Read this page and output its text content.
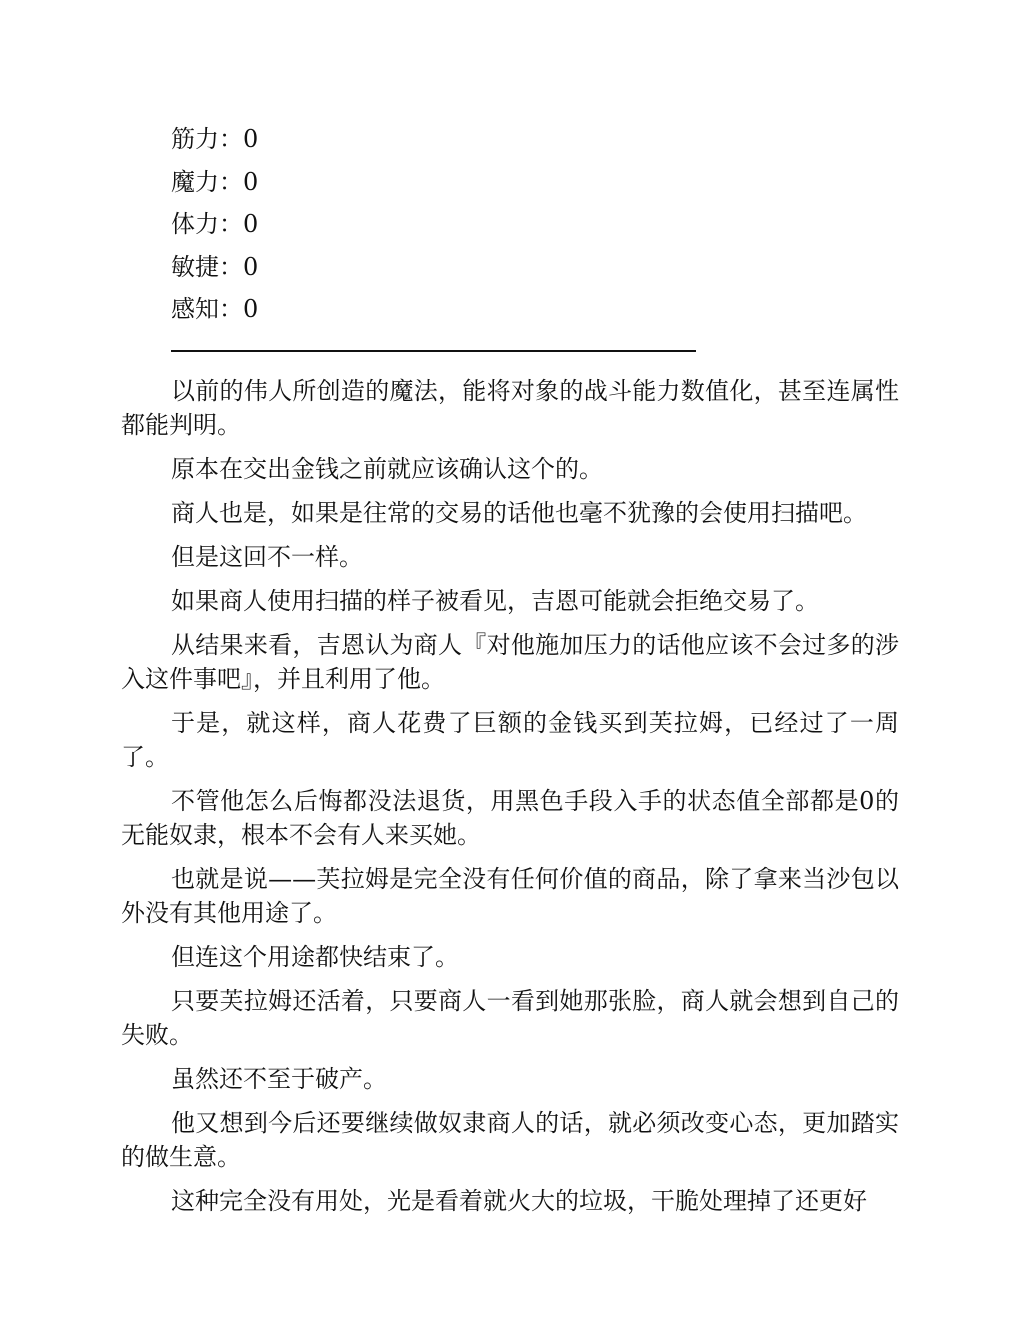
筋力：0
魔力：0
体力：0
敏捷：0
感知：0

以前的伟人所创造的魔法，能将对象的战斗能力数值化，甚至连属性都能判明。

原本在交出金钱之前就应该确认这个的。

商人也是，如果是往常的交易的话他也毫不犹豫的会使用扫描吧。

但是这回不一样。

如果商人使用扫描的样子被看见，吉恩可能就会拒绝交易了。

从结果来看，吉恩认为商人『对他施加压力的话他应该不会过多的涉入这件事吧』，并且利用了他。

于是，就这样，商人花费了巨额的金钱买到芙拉姆，已经过了一周了。

不管他怎么后悔都没法退货，用黑色手段入手的状态值全部都是0的无能奴隶，根本不会有人来买她。

也就是说——芙拉姆是完全没有任何价值的商品，除了拿来当沙包以外没有其他用途了。

但连这个用途都快结束了。

只要芙拉姆还活着，只要商人一看到她那张脸，商人就会想到自己的失败。

虽然还不至于破产。

他又想到今后还要继续做奴隶商人的话，就必须改变心态，更加踏实的做生意。

这种完全没有用处，光是看着就火大的垃圾，干脆处理掉了还更好
